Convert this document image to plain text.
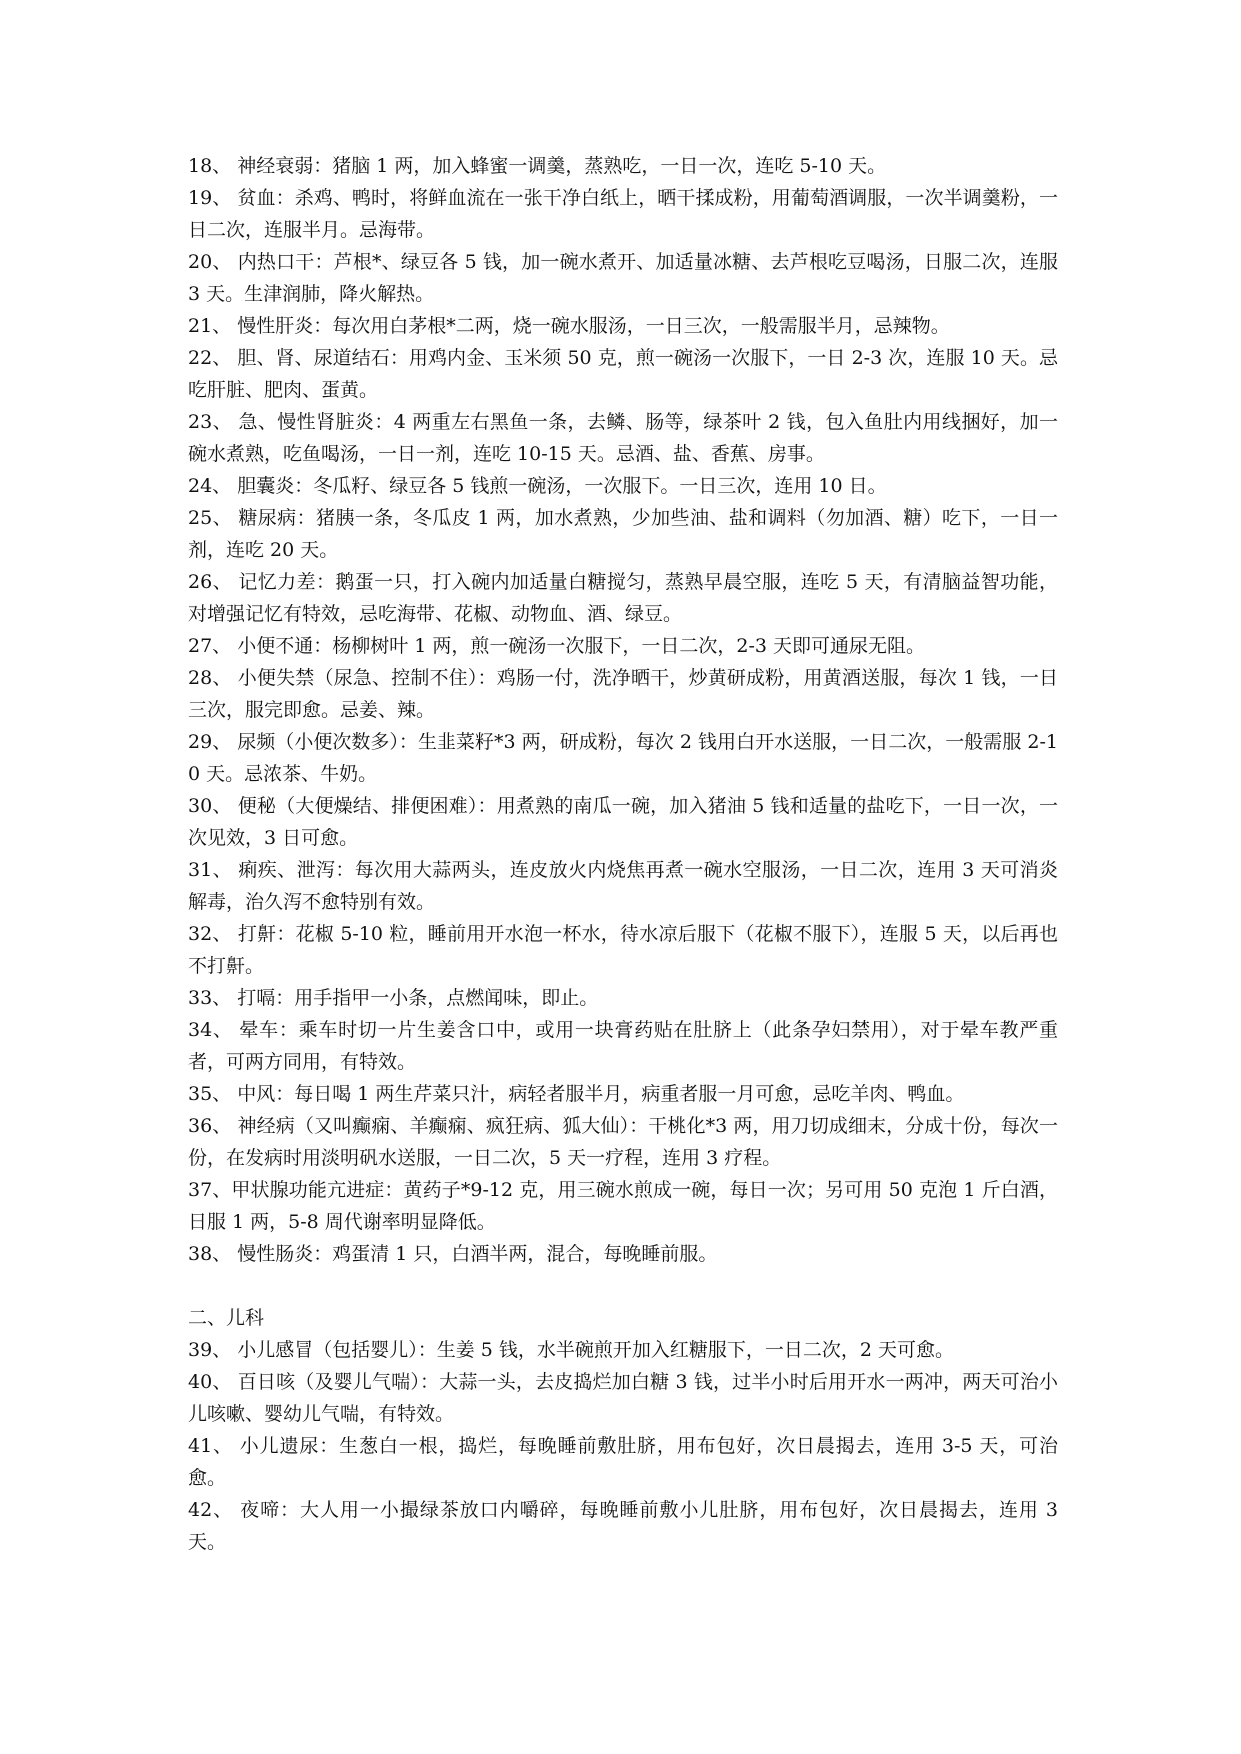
18、 神经衰弱：猪脑 1 两，加入蜂蜜一调羹，蒸熟吃，一日一次，连吃 5-10 天。

19、 贫血：杀鸡、鸭时，将鲜血流在一张干净白纸上，晒干揉成粉，用葡萄酒调服，一次半调羹粉，一日二次，连服半月。忌海带。

20、 内热口干：芦根*、绿豆各 5 钱，加一碗水煮开、加适量冰糖、去芦根吃豆喝汤，日服二次，连服 3 天。生津润肺，降火解热。

21、 慢性肝炎：每次用白茅根*二两，烧一碗水服汤，一日三次，一般需服半月，忌辣物。

22、 胆、肾、尿道结石：用鸡内金、玉米须 50 克，煎一碗汤一次服下，一日 2-3 次，连服 10 天。忌吃肝脏、肥肉、蛋黄。

23、 急、慢性肾脏炎：4 两重左右黑鱼一条，去鳞、肠等，绿茶叶 2 钱，包入鱼肚内用线捆好，加一碗水煮熟，吃鱼喝汤，一日一剂，连吃 10-15 天。忌酒、盐、香蕉、房事。

24、 胆囊炎：冬瓜籽、绿豆各 5 钱煎一碗汤，一次服下。一日三次，连用 10 日。

25、 糖尿病：猪胰一条，冬瓜皮 1 两，加水煮熟，少加些油、盐和调料（勿加酒、糖）吃下，一日一剂，连吃 20 天。

26、 记忆力差：鹅蛋一只，打入碗内加适量白糖搅匀，蒸熟早晨空服，连吃 5 天，有清脑益智功能，对增强记忆有特效，忌吃海带、花椒、动物血、酒、绿豆。

27、 小便不通：杨柳树叶 1 两，煎一碗汤一次服下，一日二次，2-3 天即可通尿无阻。

28、 小便失禁（尿急、控制不住）：鸡肠一付，洗净晒干，炒黄研成粉，用黄酒送服，每次 1 钱，一日三次，服完即愈。忌姜、辣。

29、 尿频（小便次数多）：生韭菜籽*3 两，研成粉，每次 2 钱用白开水送服，一日二次，一般需服 2-10 天。忌浓茶、牛奶。

30、 便秘（大便燥结、排便困难）：用煮熟的南瓜一碗，加入猪油 5 钱和适量的盐吃下，一日一次，一次见效，3 日可愈。

31、 痢疾、泄泻：每次用大蒜两头，连皮放火内烧焦再煮一碗水空服汤，一日二次，连用 3 天可消炎解毒，治久泻不愈特别有效。

32、 打鼾：花椒 5-10 粒，睡前用开水泡一杯水，待水凉后服下（花椒不服下），连服 5 天，以后再也不打鼾。

33、 打嗝：用手指甲一小条，点燃闻味，即止。

34、 晕车：乘车时切一片生姜含口中，或用一块膏药贴在肚脐上（此条孕妇禁用），对于晕车教严重者，可两方同用，有特效。

35、 中风：每日喝 1 两生芹菜只汁，病轻者服半月，病重者服一月可愈，忌吃羊肉、鸭血。

36、 神经病（又叫癫痫、羊癫痫、疯狂病、狐大仙）：干桃化*3 两，用刀切成细末，分成十份，每次一份，在发病时用淡明矾水送服，一日二次，5 天一疗程，连用 3 疗程。

37、甲状腺功能亢进症：黄药子*9-12 克，用三碗水煎成一碗，每日一次；另可用 50 克泡 1 斤白酒，日服 1 两，5-8 周代谢率明显降低。

38、 慢性肠炎：鸡蛋清 1 只，白酒半两，混合，每晚睡前服。

二、儿科

39、 小儿感冒（包括婴儿）：生姜 5 钱，水半碗煎开加入红糖服下，一日二次，2 天可愈。

40、 百日咳（及婴儿气喘）：大蒜一头，去皮捣烂加白糖 3 钱，过半小时后用开水一两冲，两天可治小儿咳嗽、婴幼儿气喘，有特效。

41、 小儿遗尿：生葱白一根，捣烂，每晚睡前敷肚脐，用布包好，次日晨揭去，连用 3-5 天，可治愈。

42、 夜啼：大人用一小撮绿茶放口内嚼碎，每晚睡前敷小儿肚脐，用布包好，次日晨揭去，连用 3 天。
